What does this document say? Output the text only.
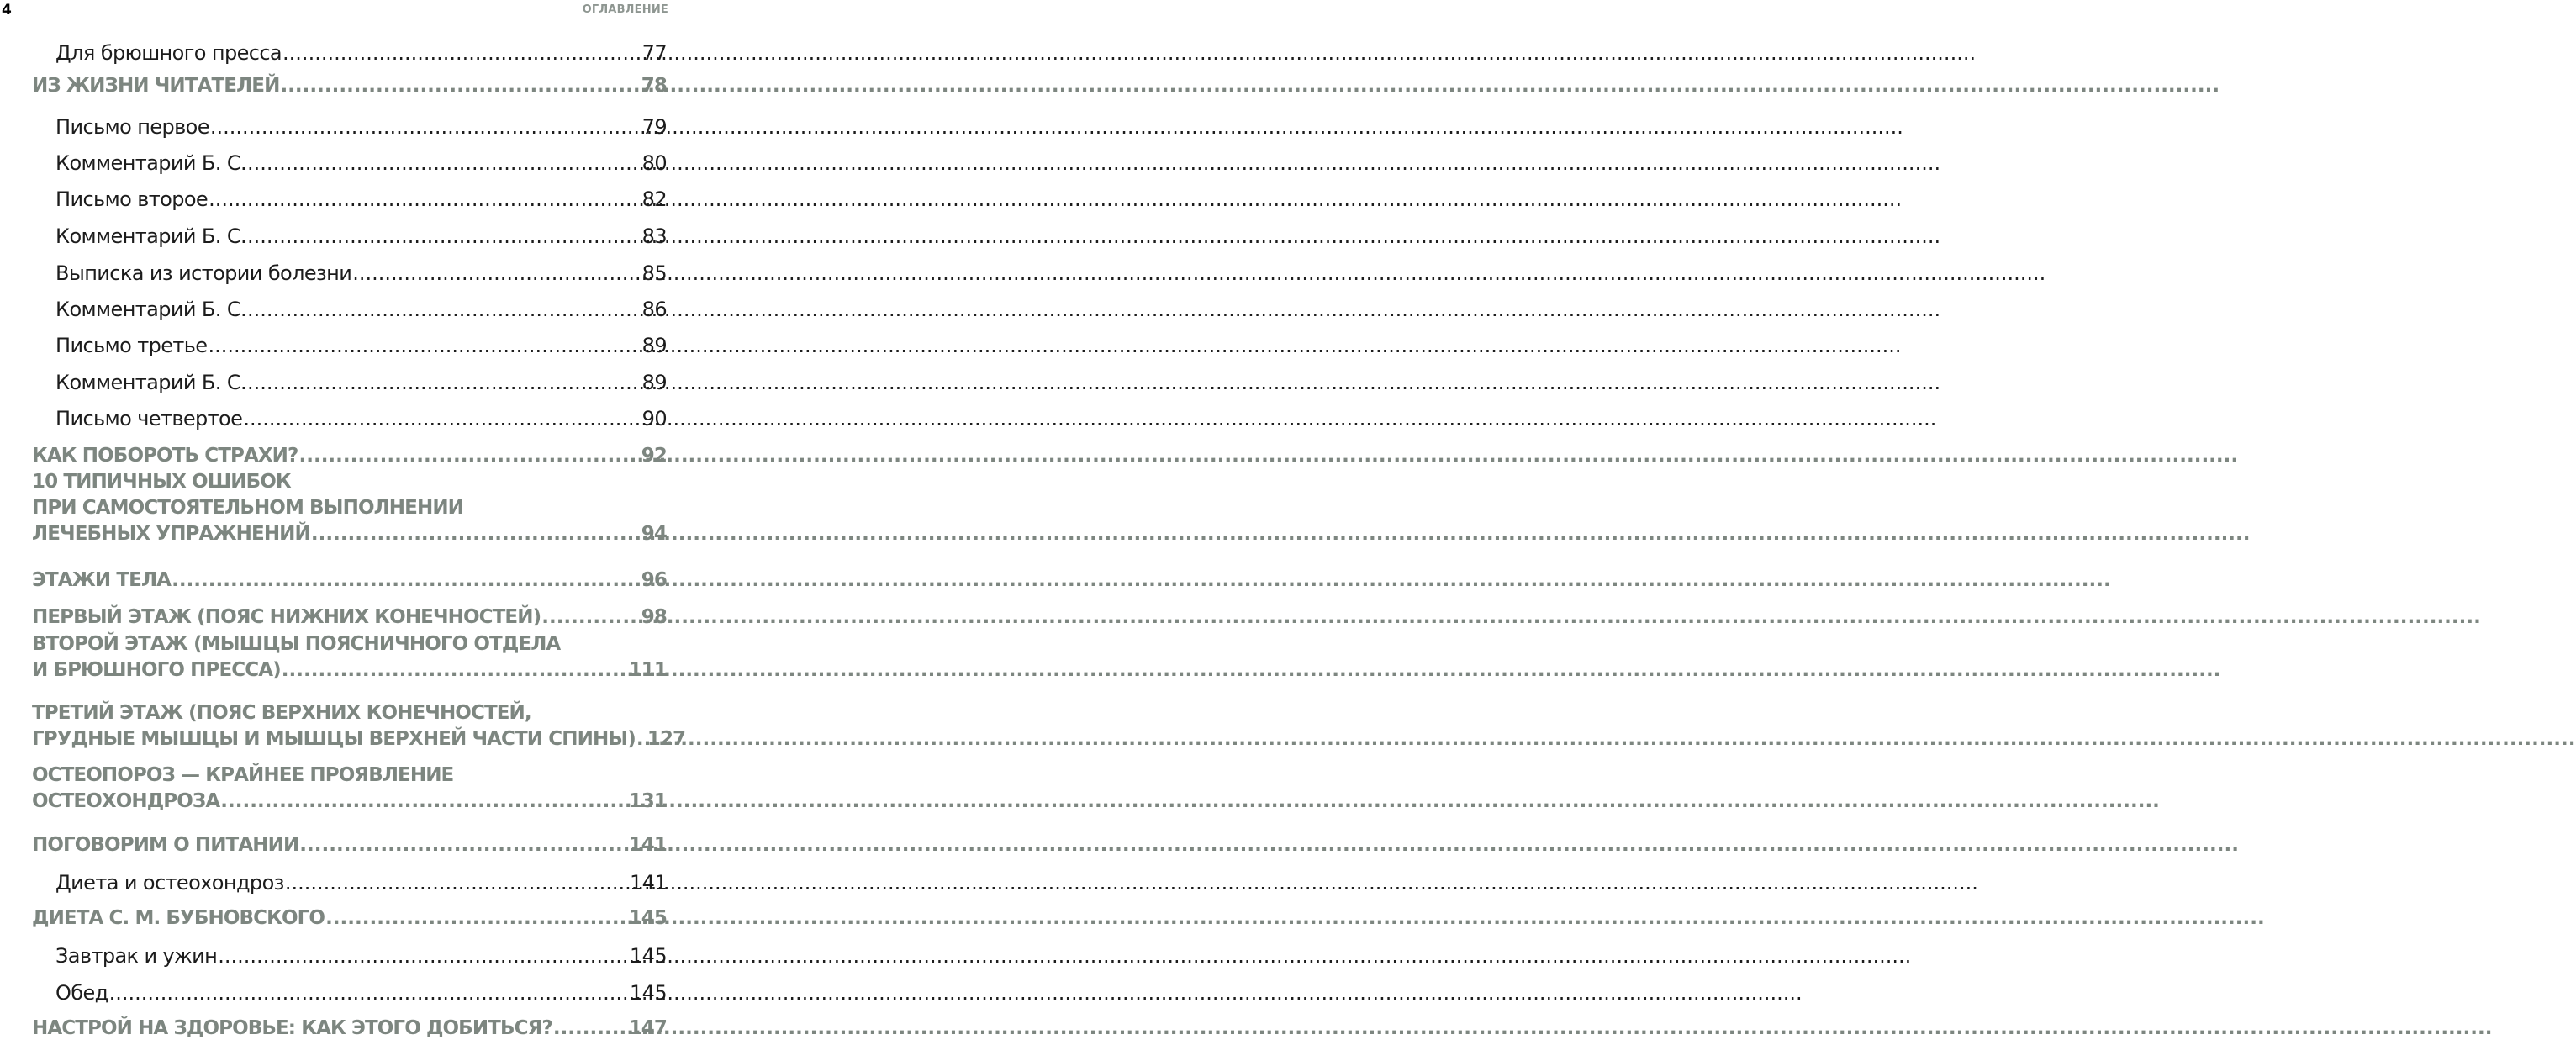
4	ОГЛАВЛЕНИЕ
Для брюшного пресса .....	77
ИЗ ЖИЗНИ ЧИТАТЕЛЕЙ .....	78
Письмо первое .....	79
Комментарий Б. С. .....	80
Письмо второе .....	82
Комментарий Б. С. .....	83
Выписка из истории болезни .....	85
Комментарий Б. С. .....	86
Письмо третье .....	89
Комментарий Б. С. .....	89
Письмо четвертое .....	90
КАК ПОБОРОТЬ СТРАХИ? .....	92
10 ТИПИЧНЫХ ОШИБОК
ПРИ САМОСТОЯТЕЛЬНОМ ВЫПОЛНЕНИИ
ЛЕЧЕБНЫХ УПРАЖНЕНИЙ .....	94
ЭТАЖИ ТЕЛА .....	96
ПЕРВЫЙ ЭТАЖ (ПОЯС НИЖНИХ КОНЕЧНОСТЕЙ) .....	98
ВТОРОЙ ЭТАЖ (МЫШЦЫ ПОЯСНИЧНОГО ОТДЕЛА
И БРЮШНОГО ПРЕССА) .....	111
ТРЕТИЙ ЭТАЖ (ПОЯС ВЕРХНИХ КОНЕЧНОСТЕЙ,
ГРУДНЫЕ МЫШЦЫ И МЫШЦЫ ВЕРХНЕЙ ЧАСТИ СПИНЫ) ..... 127
ОСТЕОПОРОЗ — КРАЙНЕЕ ПРОЯВЛЕНИЕ
ОСТЕОХОНДРОЗА .....	131
ПОГОВОРИМ О ПИТАНИИ .....	141
Диета и остеохондроз .....	141
ДИЕТА С. М. БУБНОВСКОГО .....	145
Завтрак и ужин .....	145
Обед .....	145
НАСТРОЙ НА ЗДОРОВЬЕ: КАК ЭТОГО ДОБИТЬСЯ? .....	147
